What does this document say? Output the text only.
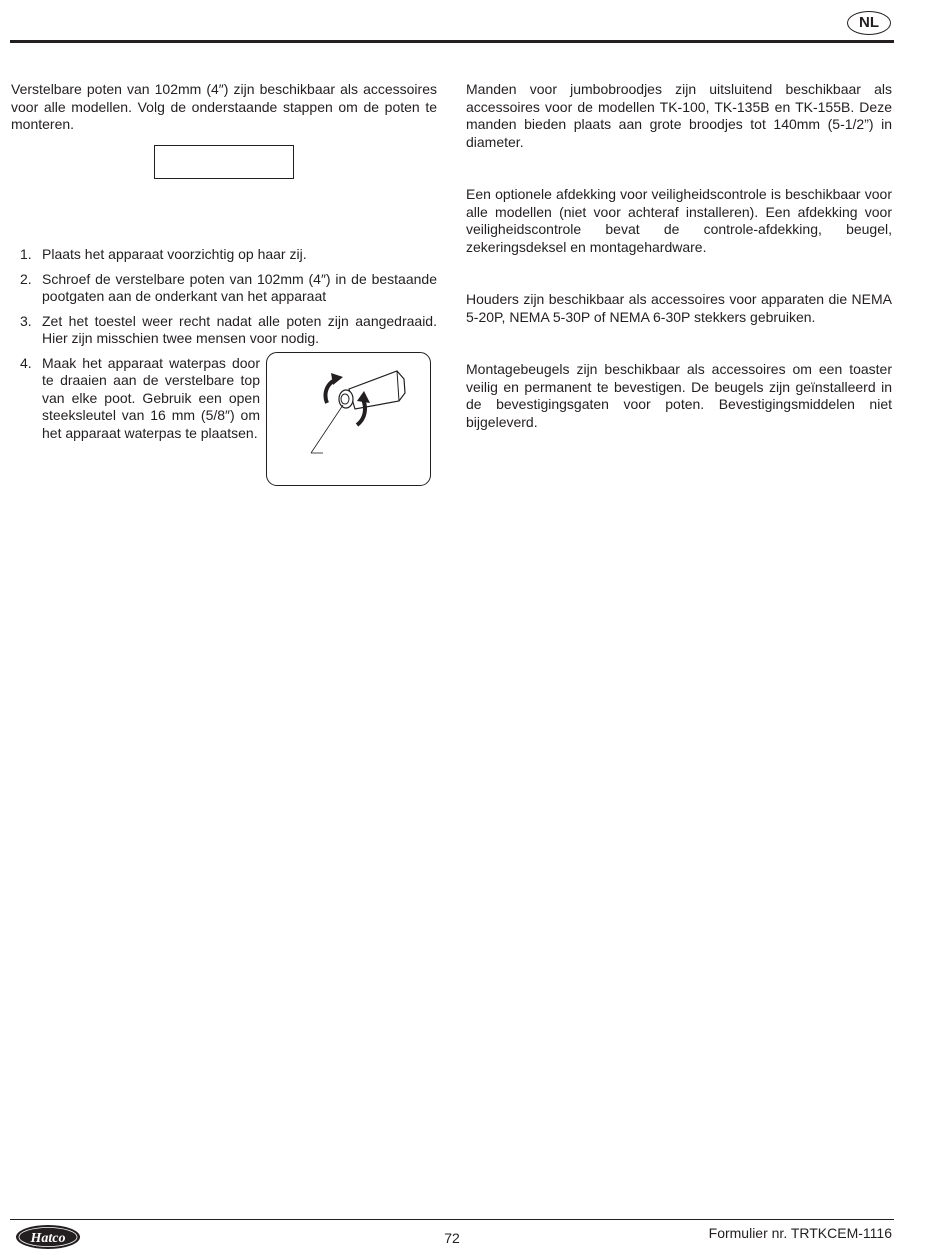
NL

Verstelbare poten van 102mm (4″) zijn beschikbaar als accessoires voor alle modellen. Volg de onderstaande stappen om de poten te monteren.

1. Plaats het apparaat voorzichtig op haar zij.
2. Schroef de verstelbare poten van 102mm (4″) in de bestaande pootgaten aan de onderkant van het apparaat
3. Zet het toestel weer recht nadat alle poten zijn aangedraaid. Hier zijn misschien twee mensen voor nodig.
4. Maak het apparaat waterpas door te draaien aan de verstelbare top van elke poot. Gebruik een open steeksleutel van 16 mm (5/8″) om het apparaat waterpas te plaatsen.

Manden voor jumbobroodjes zijn uitsluitend beschikbaar als accessoires voor de modellen TK-100, TK-135B en TK-155B. Deze manden bieden plaats aan grote broodjes tot 140mm (5-1/2”) in diameter.

Een optionele afdekking voor veiligheidscontrole is beschikbaar voor alle modellen (niet voor achteraf installeren). Een afdekking voor veiligheidscontrole bevat de controle-afdekking, beugel, zekeringsdeksel en montagehardware.

Houders zijn beschikbaar als accessoires voor apparaten die NEMA 5-20P, NEMA 5-30P of NEMA 6-30P stekkers gebruiken.

Montagebeugels zijn beschikbaar als accessoires om een toaster veilig en permanent te bevestigen. De beugels zijn geïnstalleerd in de bevestigingsgaten voor poten. Bevestigingsmiddelen niet bijgeleverd.

Hatco	72	Formulier nr. TRTKCEM-1116
